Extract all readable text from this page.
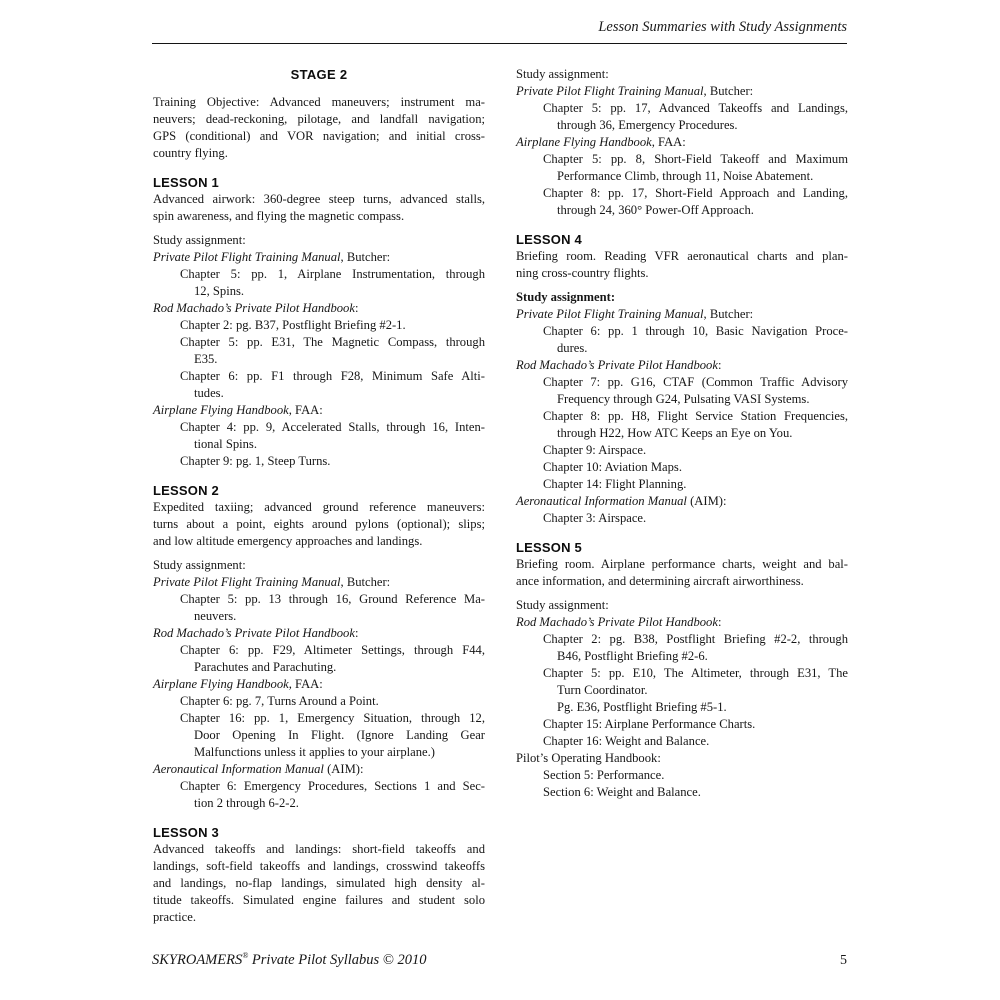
Lesson Summaries with Study Assignments
STAGE 2
Training Objective: Advanced maneuvers; instrument ma-
neuvers; dead-reckoning, pilotage, and landfall navigation;
GPS (conditional) and VOR navigation; and initial cross-
country flying.
LESSON 1
Advanced airwork: 360-degree steep turns, advanced stalls,
spin awareness, and flying the magnetic compass.
Study assignment:
Private Pilot Flight Training Manual, Butcher:
Chapter 5: pp. 1, Airplane Instrumentation, through
12, Spins.
Rod Machado’s Private Pilot Handbook:
Chapter 2: pg. B37, Postflight Briefing #2-1.
Chapter 5: pp. E31, The Magnetic Compass, through
E35.
Chapter 6: pp. F1 through F28, Minimum Safe Alti-
tudes.
Airplane Flying Handbook, FAA:
Chapter 4: pp. 9, Accelerated Stalls, through 16, Inten-
tional Spins.
Chapter 9: pg. 1, Steep Turns.
LESSON 2
Expedited taxiing; advanced ground reference maneuvers:
turns about a point, eights around pylons (optional); slips;
and low altitude emergency approaches and landings.
Study assignment:
Private Pilot Flight Training Manual, Butcher:
Chapter 5: pp. 13 through 16, Ground Reference Ma-
neuvers.
Rod Machado’s Private Pilot Handbook:
Chapter 6: pp. F29, Altimeter Settings, through F44,
Parachutes and Parachuting.
Airplane Flying Handbook, FAA:
Chapter 6: pg. 7, Turns Around a Point.
Chapter 16: pp. 1, Emergency Situation, through 12,
Door Opening In Flight. (Ignore Landing Gear
Malfunctions unless it applies to your airplane.)
Aeronautical Information Manual (AIM):
Chapter 6: Emergency Procedures, Sections 1 and Sec-
tion 2 through 6-2-2.
LESSON 3
Advanced takeoffs and landings: short-field takeoffs and
landings, soft-field takeoffs and landings, crosswind takeoffs
and landings, no-flap landings, simulated high density al-
titude takeoffs. Simulated engine failures and student solo
practice.
Study assignment:
Private Pilot Flight Training Manual, Butcher:
Chapter 5: pp. 17, Advanced Takeoffs and Landings,
through 36, Emergency Procedures.
Airplane Flying Handbook, FAA:
Chapter 5: pp. 8, Short-Field Takeoff and Maximum
Performance Climb, through 11, Noise Abatement.
Chapter 8: pp. 17, Short-Field Approach and Landing,
through 24, 360° Power-Off Approach.
LESSON 4
Briefing room. Reading VFR aeronautical charts and plan-
ning cross-country flights.
Study assignment:
Private Pilot Flight Training Manual, Butcher:
Chapter 6: pp. 1 through 10, Basic Navigation Proce-
dures.
Rod Machado’s Private Pilot Handbook:
Chapter 7: pp. G16, CTAF (Common Traffic Advisory
Frequency through G24, Pulsating VASI Systems.
Chapter 8: pp. H8, Flight Service Station Frequencies,
through H22, How ATC Keeps an Eye on You.
Chapter 9: Airspace.
Chapter 10: Aviation Maps.
Chapter 14: Flight Planning.
Aeronautical Information Manual (AIM):
Chapter 3: Airspace.
LESSON 5
Briefing room. Airplane performance charts, weight and bal-
ance information, and determining aircraft airworthiness.
Study assignment:
Rod Machado’s Private Pilot Handbook:
Chapter 2: pg. B38, Postflight Briefing #2-2, through
B46, Postflight Briefing #2-6.
Chapter 5: pp. E10, The Altimeter, through E31, The
Turn Coordinator.
Pg. E36, Postflight Briefing #5-1.
Chapter 15: Airplane Performance Charts.
Chapter 16: Weight and Balance.
Pilot’s Operating Handbook:
Section 5: Performance.
Section 6: Weight and Balance.
SKYROAMERS® Private Pilot Syllabus © 2010	5
